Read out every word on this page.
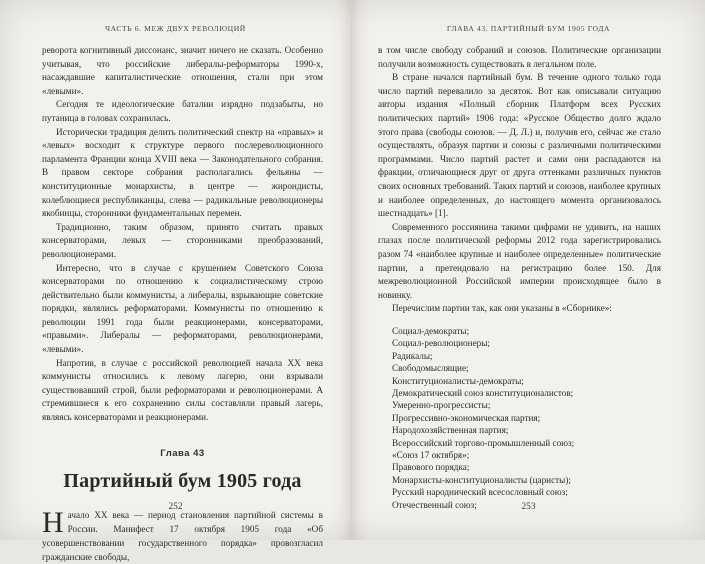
ЧАСТЬ 6. МЕЖ ДВУХ РЕВОЛЮЦИЙ

реворота когнитивный диссонанс, значит ничего не сказать. Особенно учитывая, что российские либералы-реформаторы 1990-х, насаждавшие капиталистические отношения, стали при этом «левыми».

Сегодня те идеологические баталии изрядно подзабыты, но путаница в головах сохранилась.

Исторически традиция делить политический спектр на «правых» и «левых» восходит к структуре первого послереволюционного парламента Франции конца XVIII века — Законодательного собрания. В правом секторе собрания располагались фельяны — конституционные монархисты, в центре — жирондисты, колеблющиеся республиканцы, слева — радикальные революционеры якобинцы, сторонники фундаментальных перемен.

Традиционно, таким образом, принято считать правых консерваторами, левых — сторонниками преобразований, революционерами.

Интересно, что в случае с крушением Советского Союза консерваторами по отношению к социалистическому строю действительно были коммунисты, а либералы, взрывающие советские порядки, являлись реформаторами. Коммунисты по отношению к революции 1991 года были реакционерами, консерваторами, «правыми». Либералы — реформаторами, революционерами, «левыми».

Напротив, в случае с российской революцией начала XX века коммунисты относились к левому лагерю, они взрывали существовавший строй, были реформаторами и революционерами. А стремившиеся к его сохранению силы составляли правый лагерь, являясь консерваторами и реакционерами.

Глава 43
Партийный бум 1905 года

Начало XX века — период становления партийной системы в России. Манифест 17 октября 1905 года «Об усовершенствовании государственного порядка» провозгласил гражданские свободы,

252
ГЛАВА 43. ПАРТИЙНЫЙ БУМ 1905 ГОДА

в том числе свободу собраний и союзов. Политические организации получили возможность существовать в легальном поле.

В стране начался партийный бум. В течение одного только года число партий перевалило за десяток. Вот как описывали ситуацию авторы издания «Полный сборник Платформ всех Русских политических партий» 1906 года: «Русское Общество долго ждало этого права (свободы союзов. — Д. Л.) и, получив его, сейчас же стало осуществлять, образуя партии и союзы с различными политическими программами. Число партий растет и сами они распадаются на фракции, отличающиеся друг от друга оттенками различных пунктов своих основных требований. Таких партий и союзов, наиболее крупных и наиболее определенных, до настоящего момента организовалось шестнадцать» [1].

Современного россиянина такими цифрами не удивить, на наших глазах после политической реформы 2012 года зарегистрировались разом 74 «наиболее крупные и наиболее определенные» политические партии, а претендовало на регистрацию более 150. Для межреволюционной Российской империи происходящее было в новинку.

Перечислим партии так, как они указаны в «Сборнике»:

Социал-демократы;
Социал-революционеры;
Радикалы;
Свободомыслящие;
Конституционалисты-демократы;
Демократический союз конституционалистов;
Умеренно-прогрессисты;
Прогрессивно-экономическая партия;
Народохозяйственная партия;
Всероссийский торгово-промышленный союз;
«Союз 17 октября»;
Правового порядка;
Монархисты-конституционалисты (царисты);
Русский народнический всесословный союз;
Отечественный союз;	253
